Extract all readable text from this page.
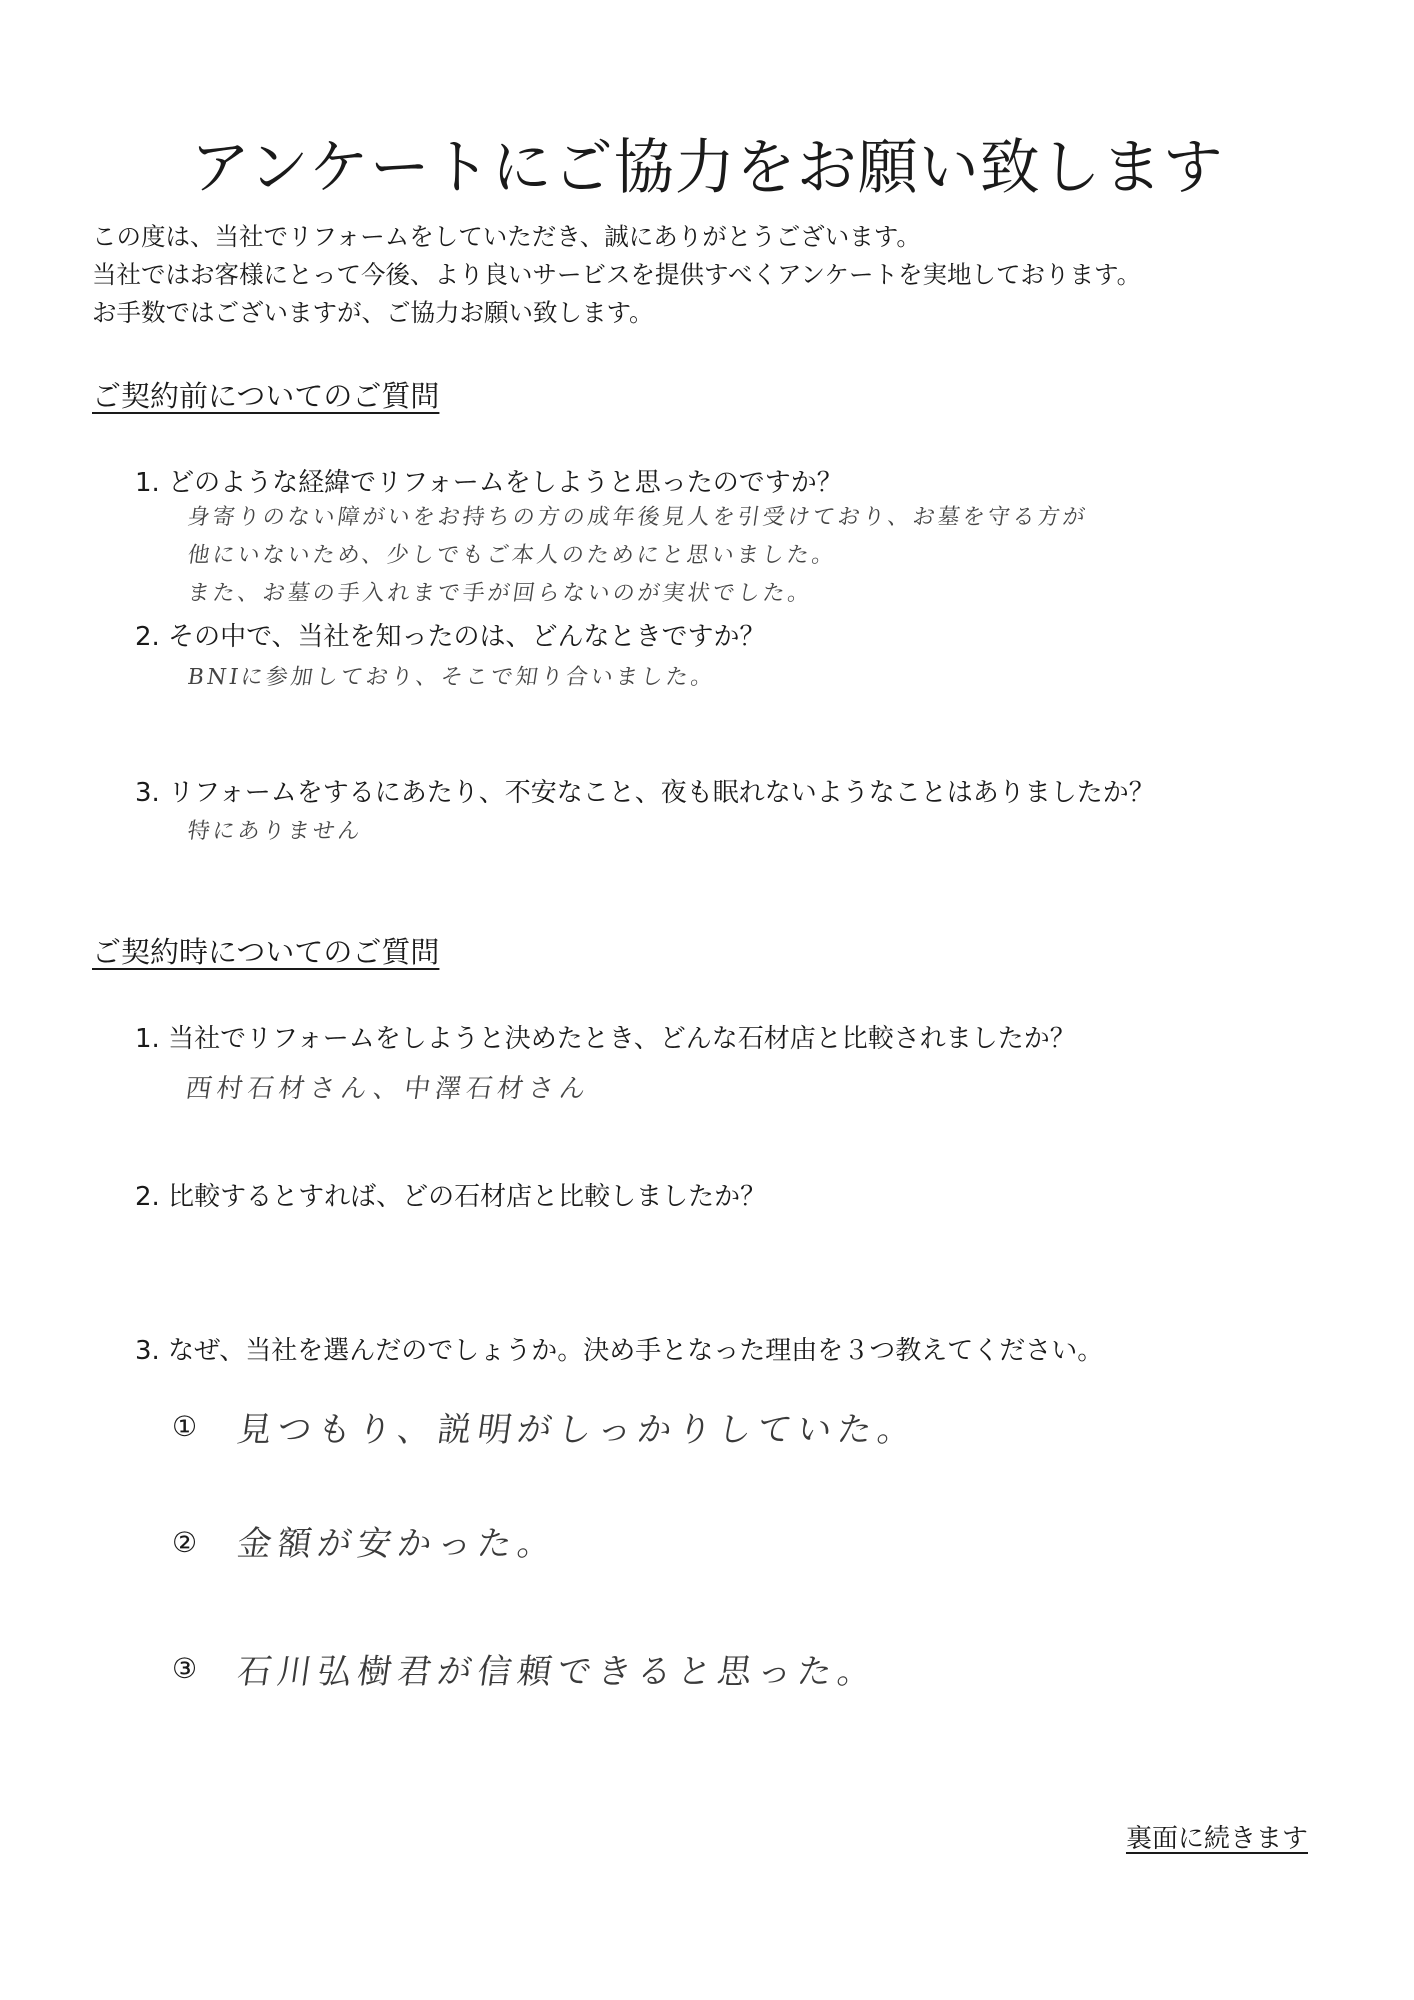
アンケートにご協力をお願い致します
この度は、当社でリフォームをしていただき、誠にありがとうございます。
当社ではお客様にとって今後、より良いサービスを提供すべくアンケートを実地しております。
お手数ではございますが、ご協力お願い致します。
ご契約前についてのご質問
1. どのような経緯でリフォームをしようと思ったのですか？
身寄りのない障がいをお持ちの方の成年後見人を引受けており、お墓を守る方が
他にいないため、少しでもご本人のためにと思いました。
また、お墓の手入れまで手が回らないのが実状でした。
2. その中で、当社を知ったのは、どんなときですか？
BNIに参加しており、そこで知り合いました。
3. リフォームをするにあたり、不安なこと、夜も眠れないようなことはありましたか？
特にありません
ご契約時についてのご質問
1. 当社でリフォームをしようと決めたとき、どんな石材店と比較されましたか？
西村石材さん、中澤石材さん
2. 比較するとすれば、どの石材店と比較しましたか？
3. なぜ、当社を選んだのでしょうか。決め手となった理由を３つ教えてください。
① 見つもり、説明がしっかりしていた。
② 金額が安かった。
③ 石川弘樹君が信頼できると思った。
裏面に続きます
